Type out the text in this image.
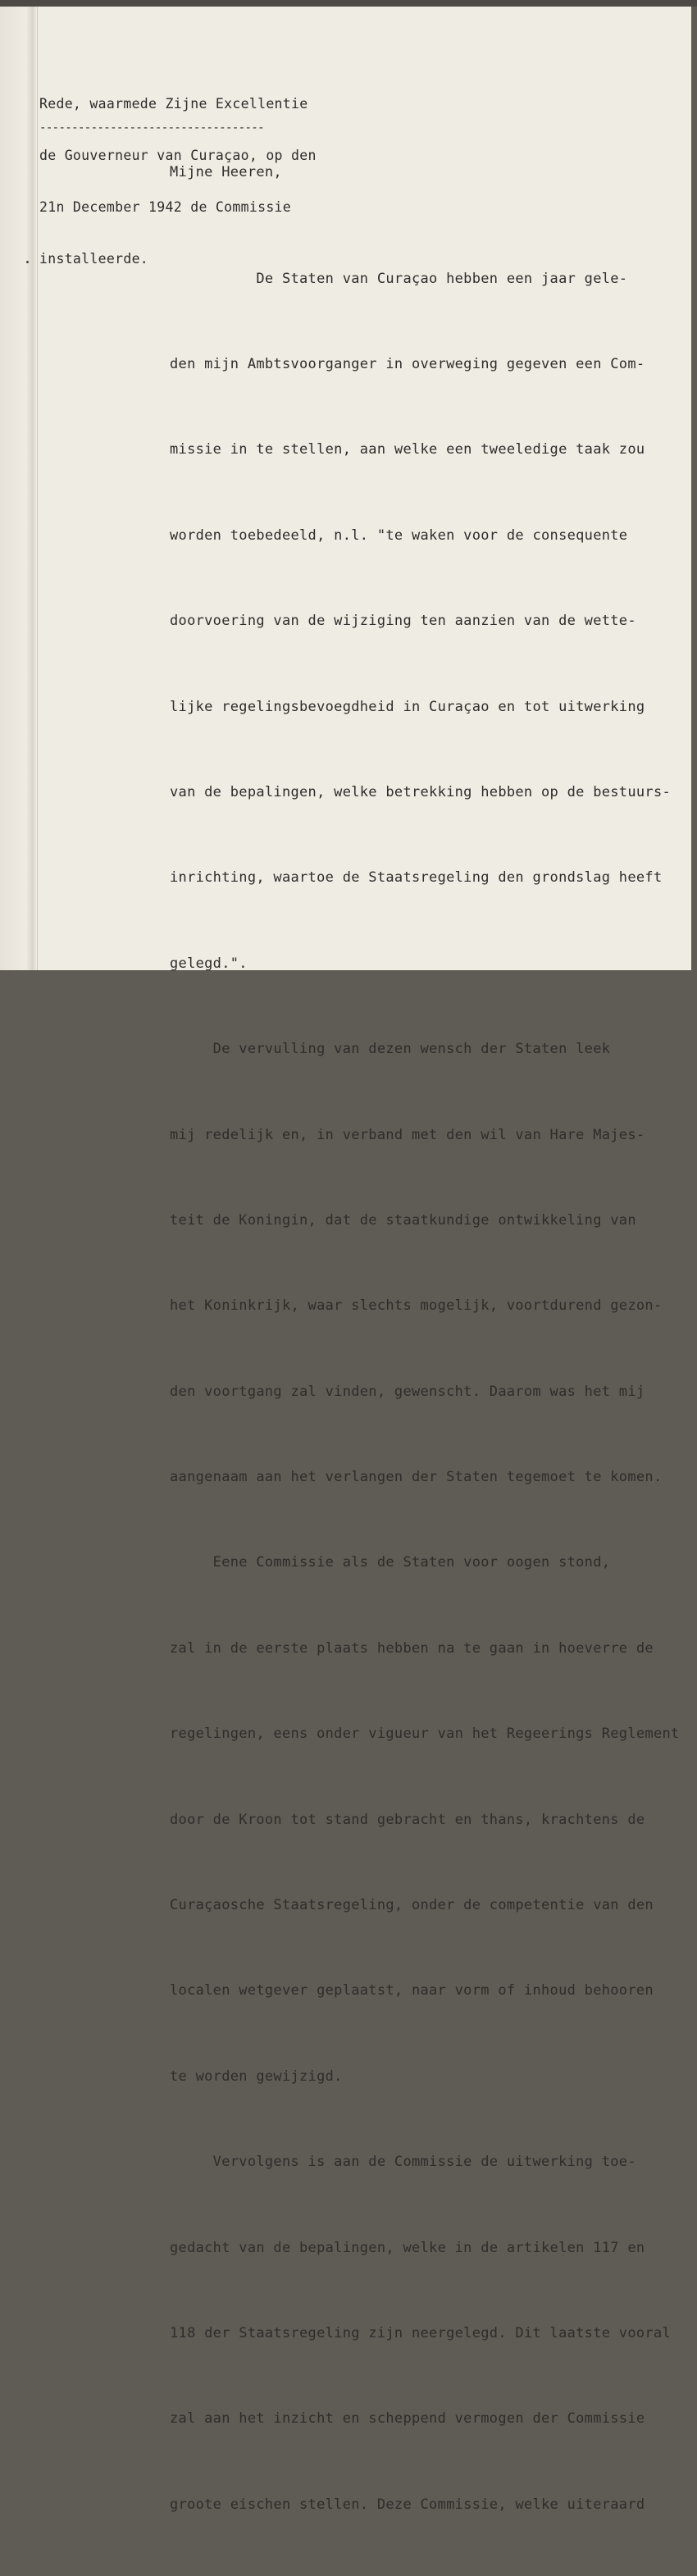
Rede, waarmede Zijne Excellentie

de Gouverneur van Curaçao, op den

21n December 1942 de Commissie

installeerde.

-----------------------------------
Mijne Heeren,

De Staten van Curaçao hebben een jaar gele-

den mijn Ambtsvoorganger in overweging gegeven een Com-

missie in te stellen, aan welke een tweeledige taak zou

worden toebedeeld, n.l. "te waken voor de consequente

doorvoering van de wijziging ten aanzien van de wette-

lijke regelingsbevoegdheid in Curaçao en tot uitwerking

van de bepalingen, welke betrekking hebben op de bestuurs-

inrichting, waartoe de Staatsregeling den grondslag heeft

gelegd.".

De vervulling van dezen wensch der Staten leek

mij redelijk en, in verband met den wil van Hare Majes-

teit de Koningin, dat de staatkundige ontwikkeling van

het Koninkrijk, waar slechts mogelijk, voortdurend gezon-

den voortgang zal vinden, gewenscht. Daarom was het mij

aangenaam aan het verlangen der Staten tegemoet te komen.

Eene Commissie als de Staten voor oogen stond,

zal in de eerste plaats hebben na te gaan in hoeverre de

regelingen, eens onder vigueur van het Regeerings Reglement

door de Kroon tot stand gebracht en thans, krachtens de

Curaçaosche Staatsregeling, onder de competentie van den

localen wetgever geplaatst, naar vorm of inhoud behooren

te worden gewijzigd.

Vervolgens is aan de Commissie de uitwerking toe-

gedacht van de bepalingen, welke in de artikelen 117 en

118 der Staatsregeling zijn neergelegd. Dit laatste vooral

zal aan het inzicht en scheppend vermogen der Commissie

groote eischen stellen. Deze Commissie, welke uiteraard
